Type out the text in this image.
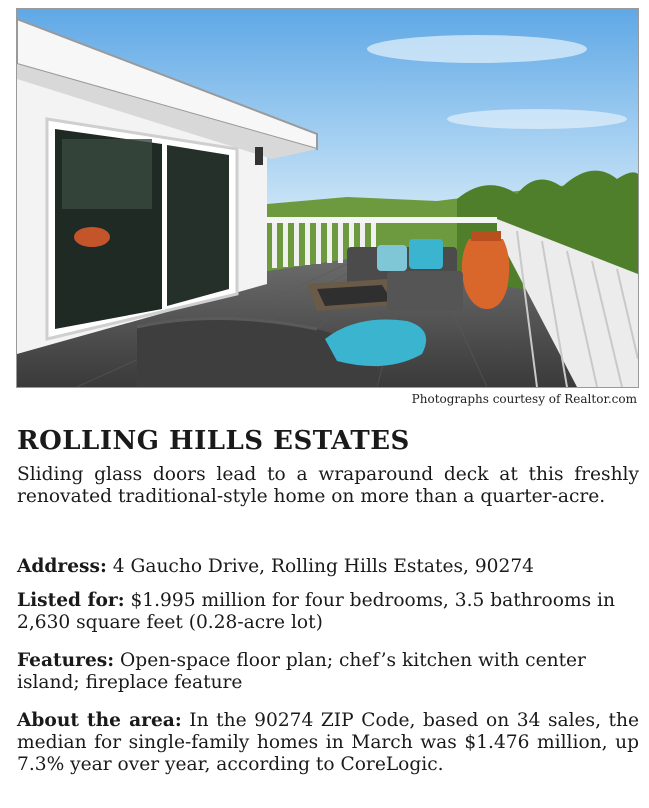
Photographs courtesy of Realtor.com
ROLLING HILLS ESTATES

Sliding glass doors lead to a wraparound deck at this freshly renovated traditional-style home on more than a quarter-acre.

Address: 4 Gaucho Drive, Rolling Hills Estates, 90274

Listed for: $1.995 million for four bedrooms, 3.5 bathrooms in 2,630 square feet (0.28-acre lot)

Features: Open-space floor plan; chef’s kitchen with center island; fireplace feature

About the area: In the 90274 ZIP Code, based on 34 sales, the median for single-family homes in March was $1.476 million, up 7.3% year over year, according to CoreLogic.
